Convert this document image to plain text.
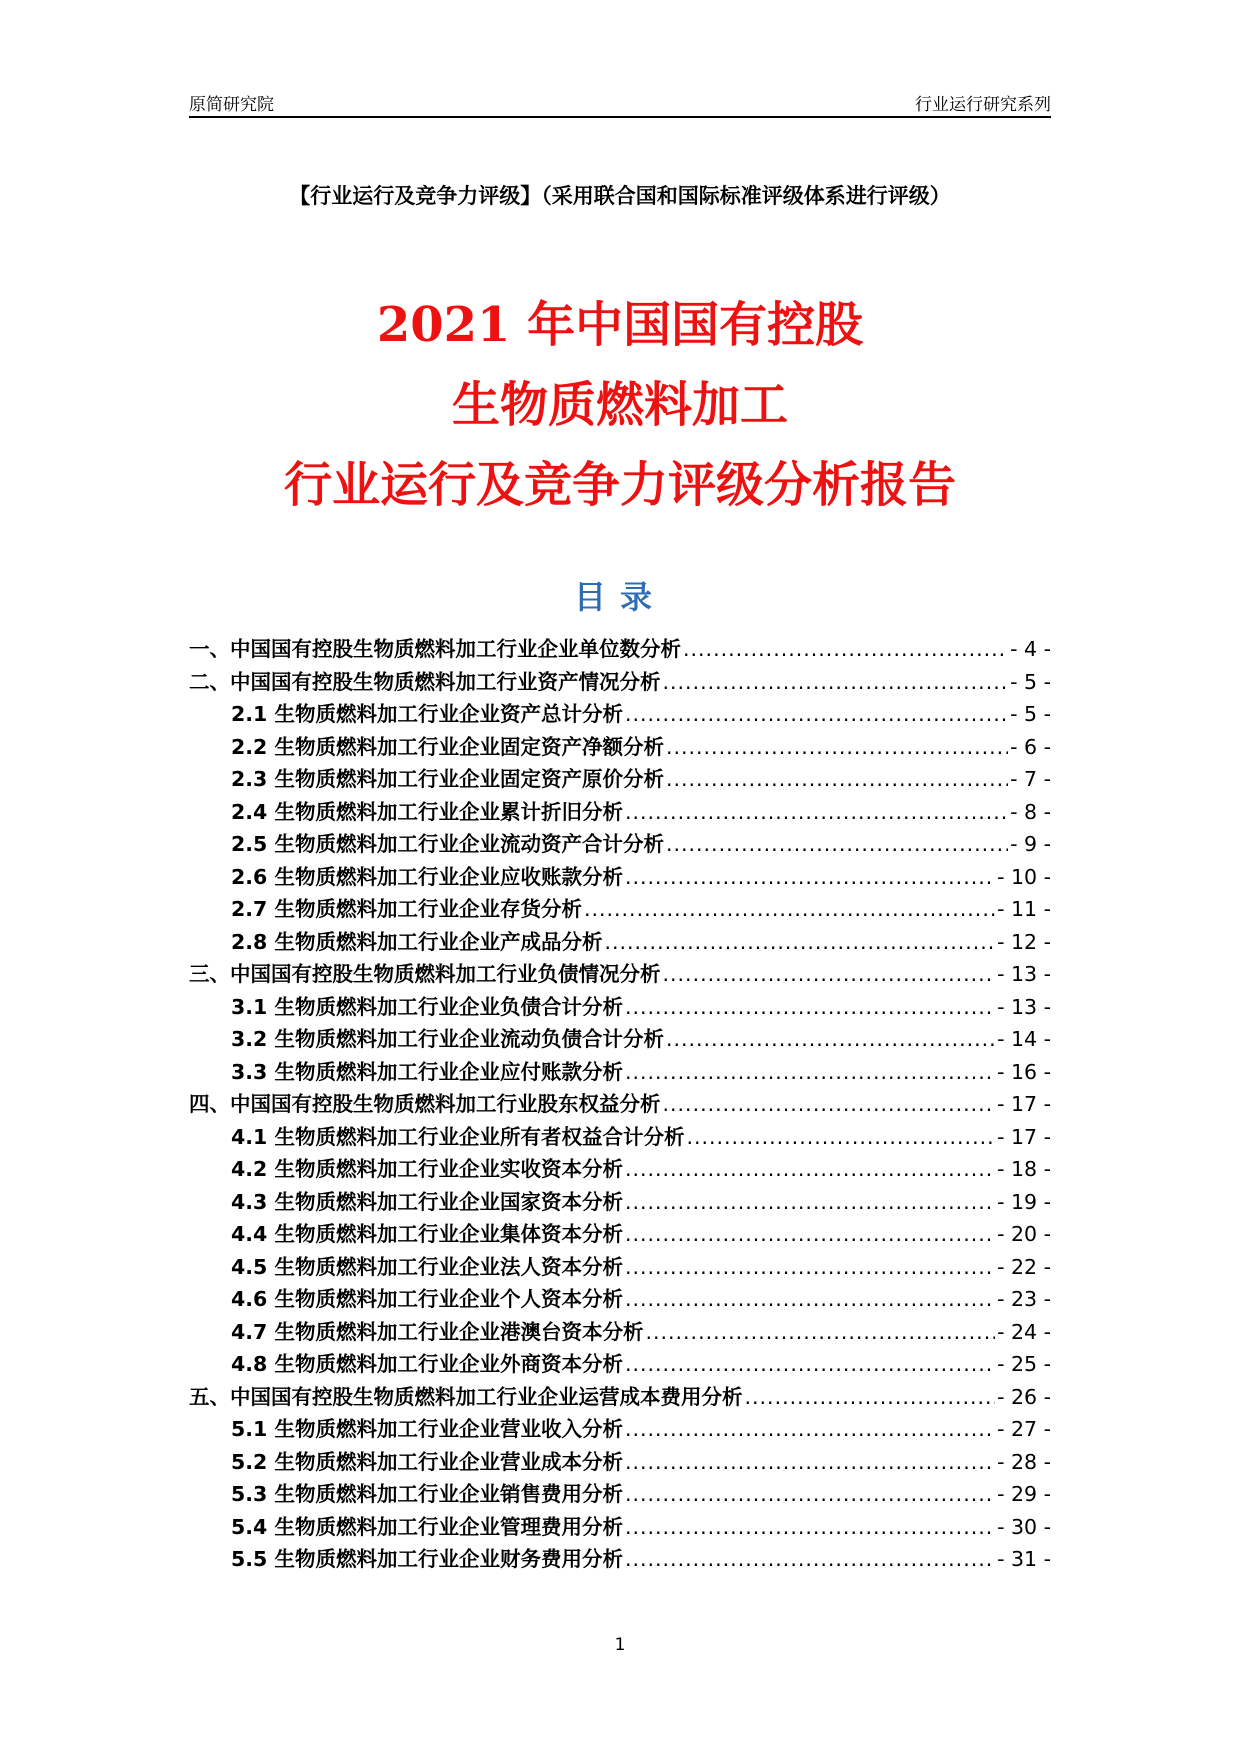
原简研究院	行业运行研究系列
【行业运行及竞争力评级】（采用联合国和国际标准评级体系进行评级）
2021 年中国国有控股
生物质燃料加工
行业运行及竞争力评级分析报告
目录
一、中国国有控股生物质燃料加工行业企业单位数分析 .....	- 4 -
二、中国国有控股生物质燃料加工行业资产情况分析 .....	- 5 -
2.1 生物质燃料加工行业企业资产总计分析 .....	- 5 -
2.2 生物质燃料加工行业企业固定资产净额分析 .....	- 6 -
2.3 生物质燃料加工行业企业固定资产原价分析 .....	- 7 -
2.4 生物质燃料加工行业企业累计折旧分析 .....	- 8 -
2.5 生物质燃料加工行业企业流动资产合计分析 .....	- 9 -
2.6 生物质燃料加工行业企业应收账款分析 .....	- 10 -
2.7 生物质燃料加工行业企业存货分析 .....	- 11 -
2.8 生物质燃料加工行业企业产成品分析 .....	- 12 -
三、中国国有控股生物质燃料加工行业负债情况分析 .....	- 13 -
3.1 生物质燃料加工行业企业负债合计分析 .....	- 13 -
3.2 生物质燃料加工行业企业流动负债合计分析 .....	- 14 -
3.3 生物质燃料加工行业企业应付账款分析 .....	- 16 -
四、中国国有控股生物质燃料加工行业股东权益分析 .....	- 17 -
4.1 生物质燃料加工行业企业所有者权益合计分析 .....	- 17 -
4.2 生物质燃料加工行业企业实收资本分析 .....	- 18 -
4.3 生物质燃料加工行业企业国家资本分析 .....	- 19 -
4.4 生物质燃料加工行业企业集体资本分析 .....	- 20 -
4.5 生物质燃料加工行业企业法人资本分析 .....	- 22 -
4.6 生物质燃料加工行业企业个人资本分析 .....	- 23 -
4.7 生物质燃料加工行业企业港澳台资本分析 .....	- 24 -
4.8 生物质燃料加工行业企业外商资本分析 .....	- 25 -
五、中国国有控股生物质燃料加工行业企业运营成本费用分析 .....	- 26 -
5.1 生物质燃料加工行业企业营业收入分析 .....	- 27 -
5.2 生物质燃料加工行业企业营业成本分析 .....	- 28 -
5.3 生物质燃料加工行业企业销售费用分析 .....	- 29 -
5.4 生物质燃料加工行业企业管理费用分析 .....	- 30 -
5.5 生物质燃料加工行业企业财务费用分析 .....	- 31 -
1
